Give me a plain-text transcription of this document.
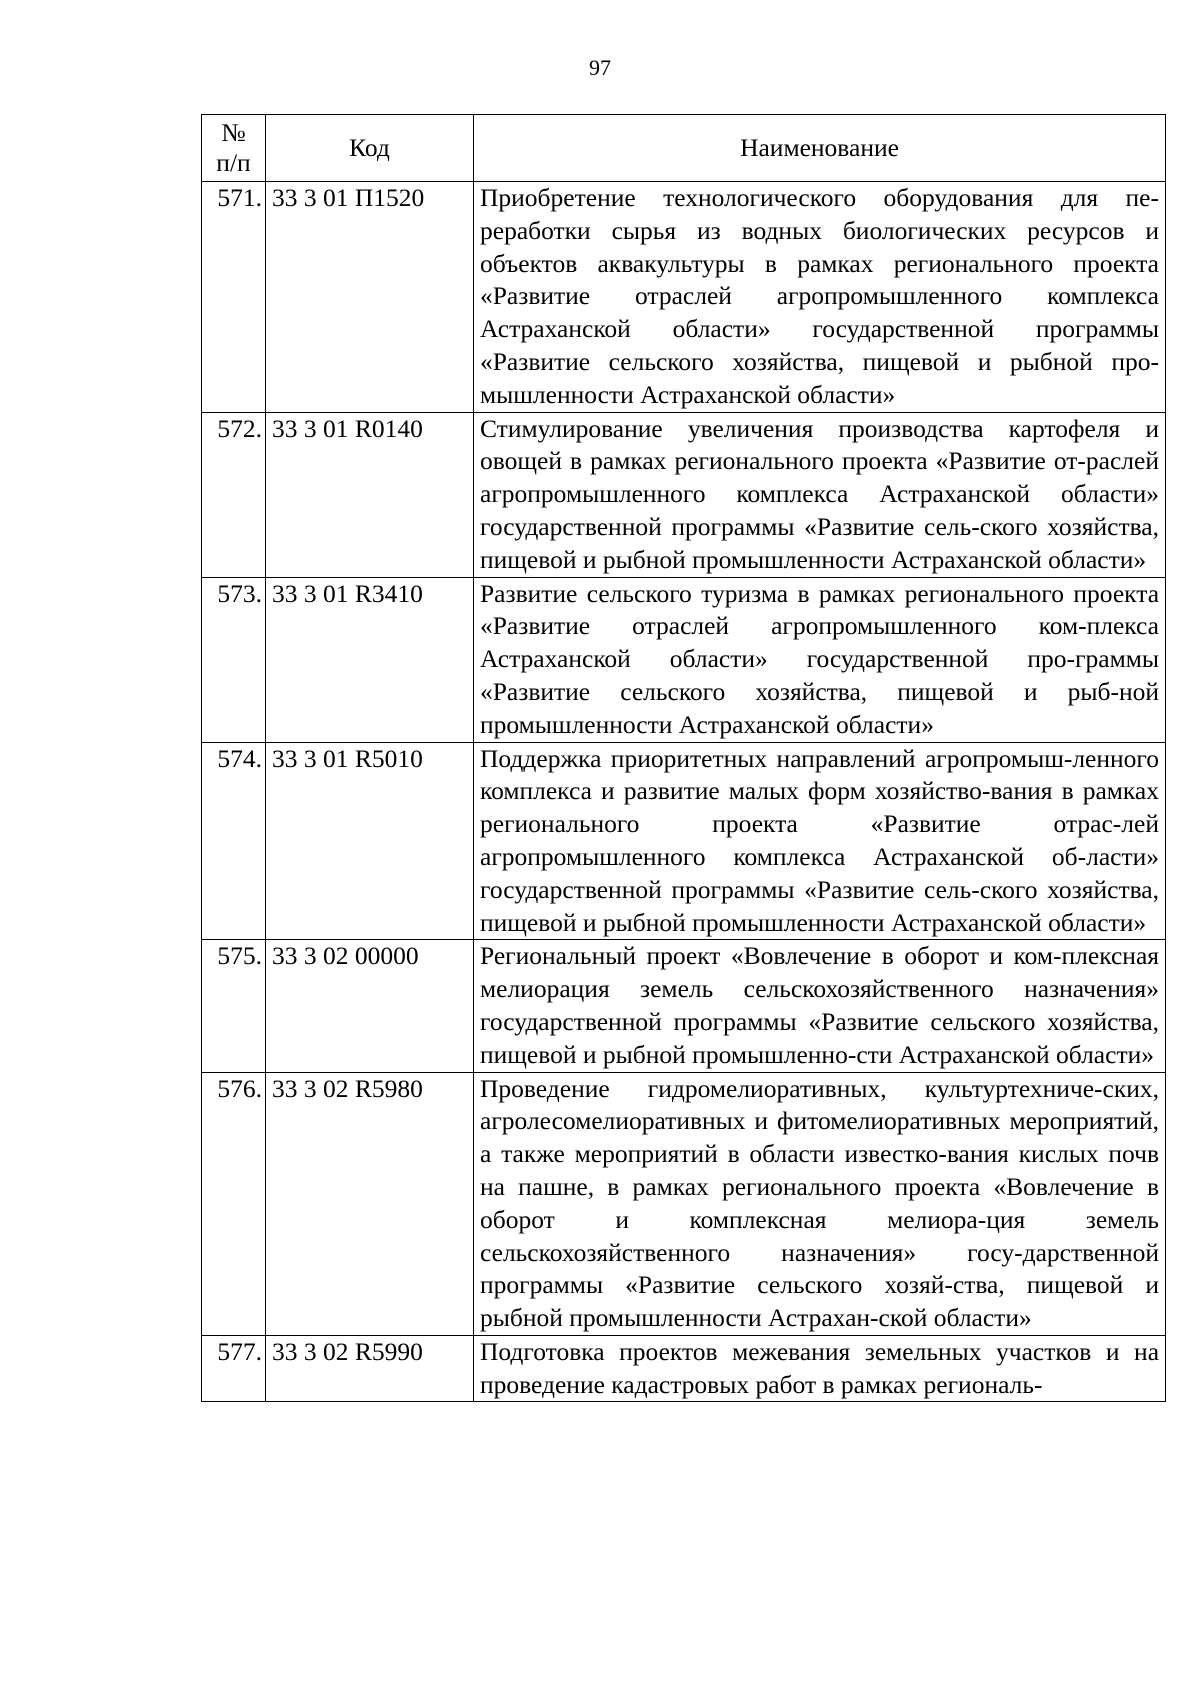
97
№
п/п	Код	Наименование
571.	33 3 01 П1520	Приобретение технологического оборудования для пе-реработки сырья из водных биологических ресурсов и объектов аквакультуры в рамках регионального проекта «Развитие отраслей агропромышленного комплекса Астраханской области» государственной программы «Развитие сельского хозяйства, пищевой и рыбной про-мышленности Астраханской области»
572.	33 3 01 R0140	Стимулирование увеличения производства картофеля и овощей в рамках регионального проекта «Развитие от-раслей агропромышленного комплекса Астраханской области» государственной программы «Развитие сель-ского хозяйства, пищевой и рыбной промышленности Астраханской области»
573.	33 3 01 R3410	Развитие сельского туризма в рамках регионального проекта «Развитие отраслей агропромышленного ком-плекса Астраханской области» государственной про-граммы «Развитие сельского хозяйства, пищевой и рыб-ной промышленности Астраханской области»
574.	33 3 01 R5010	Поддержка приоритетных направлений агропромыш-ленного комплекса и развитие малых форм хозяйство-вания в рамках регионального проекта «Развитие отрас-лей агропромышленного комплекса Астраханской об-ласти» государственной программы «Развитие сель-ского хозяйства, пищевой и рыбной промышленности Астраханской области»
575.	33 3 02 00000	Региональный проект «Вовлечение в оборот и ком-плексная мелиорация земель сельскохозяйственного назначения» государственной программы «Развитие сельского хозяйства, пищевой и рыбной промышленно-сти Астраханской области»
576.	33 3 02 R5980	Проведение гидромелиоративных, культуртехниче-ских, агролесомелиоративных и фитомелиоративных мероприятий, а также мероприятий в области известко-вания кислых почв на пашне, в рамках регионального проекта «Вовлечение в оборот и комплексная мелиора-ция земель сельскохозяйственного назначения» госу-дарственной программы «Развитие сельского хозяй-ства, пищевой и рыбной промышленности Астрахан-ской области»
577.	33 3 02 R5990	Подготовка проектов межевания земельных участков и на проведение кадастровых работ в рамках региональ-
